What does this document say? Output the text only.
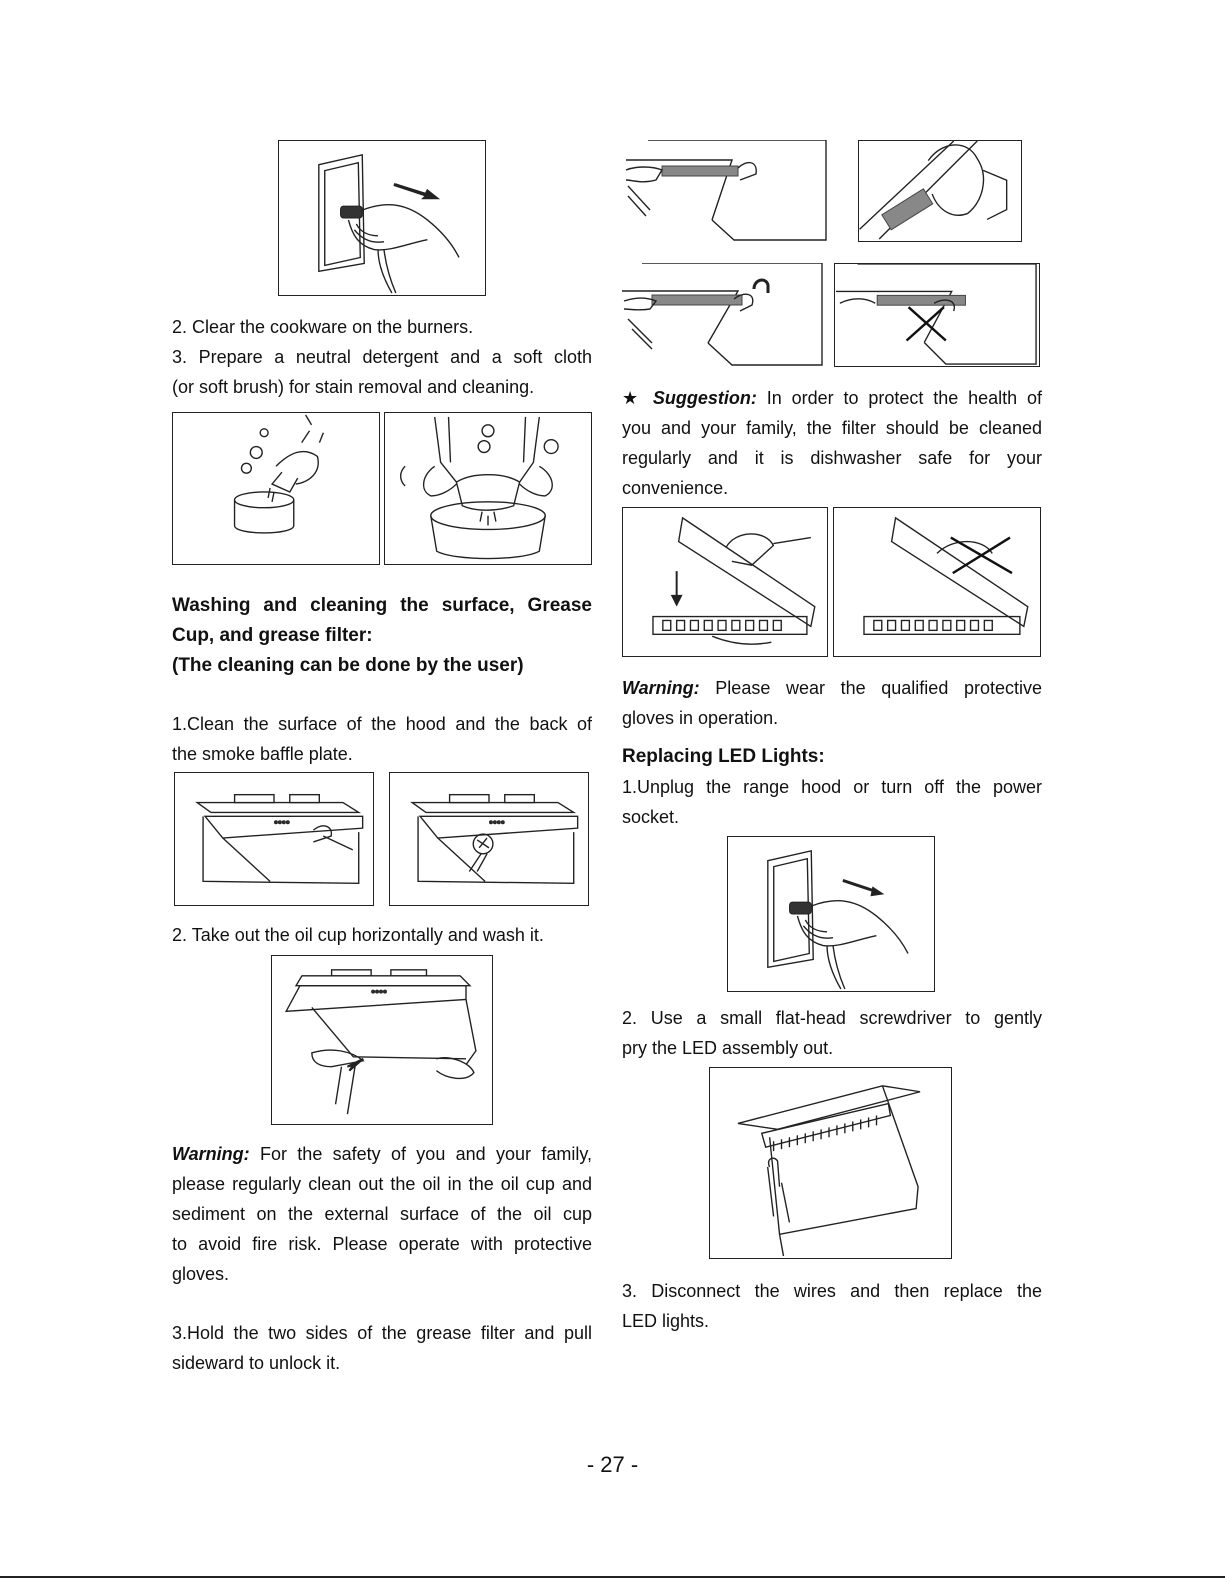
2. Clear the cookware on the burners.
3. Prepare a neutral detergent and a soft cloth
(or soft brush) for stain removal and cleaning.
Washing and cleaning the surface, Grease
Cup, and grease filter:
(The cleaning can be done by the user)
1.Clean the surface of the hood and the back of
the smoke baffle plate.
2. Take out the oil cup horizontally and wash it.
Warning: For the safety of you and your family,
please regularly clean out the oil in the oil cup and
sediment on the external surface of the oil cup
to avoid fire risk. Please operate with protective
gloves.
3.Hold the two sides of the grease filter and pull
sideward to unlock it.
★ Suggestion: In order to protect the health of
you and your family, the filter should be cleaned
regularly and it is dishwasher safe for your
convenience.
Warning: Please wear the qualified protective
gloves in operation.
Replacing LED Lights:
1.Unplug the range hood or turn off the power
socket.
2. Use a small flat-head screwdriver to gently
pry the LED assembly out.
3. Disconnect the wires and then replace the
LED lights.
- 27 -
